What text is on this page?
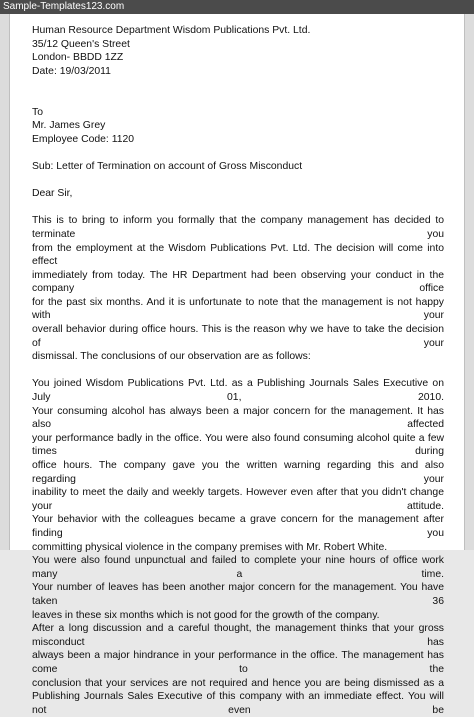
Sample-Templates123.com
Human Resource Department Wisdom Publications Pvt. Ltd.
35/12 Queen's Street
London- BBDD 1ZZ
Date: 19/03/2011
To
Mr. James Grey
Employee Code: 1120
Sub: Letter of Termination on account of Gross Misconduct
Dear Sir,
This is to bring to inform you formally that the company management has decided to terminate you
from the employment at the Wisdom Publications Pvt. Ltd. The decision will come into effect
immediately from today. The HR Department had been observing your conduct in the company office
for the past six months. And it is unfortunate to note that the management is not happy with your
overall behavior during office hours. This is the reason why we have to take the decision of your
dismissal. The conclusions of our observation are as follows:
You joined Wisdom Publications Pvt. Ltd. as a Publishing Journals Sales Executive on July 01, 2010.
Your consuming alcohol has always been a major concern for the management. It has also affected
your performance badly in the office. You were also found consuming alcohol quite a few times during
office hours. The company gave you the written warning regarding this and also regarding your
inability to meet the daily and weekly targets. However even after that you didn't change your attitude.
Your behavior with the colleagues became a grave concern for the management after finding you
committing physical violence in the company premises with Mr. Robert White.
You were also found unpunctual and failed to complete your nine hours of office work many a time.
Your number of leaves has been another major concern for the management. You have taken 36
leaves in these six months which is not good for the growth of the company.
After a long discussion and a careful thought, the management thinks that your gross misconduct has
always been a major hindrance in your performance in the office. The management has come to the
conclusion that your services are not required and hence you are being dismissed as a
Publishing Journals Sales Executive of this company with an immediate effect. You will not even be
